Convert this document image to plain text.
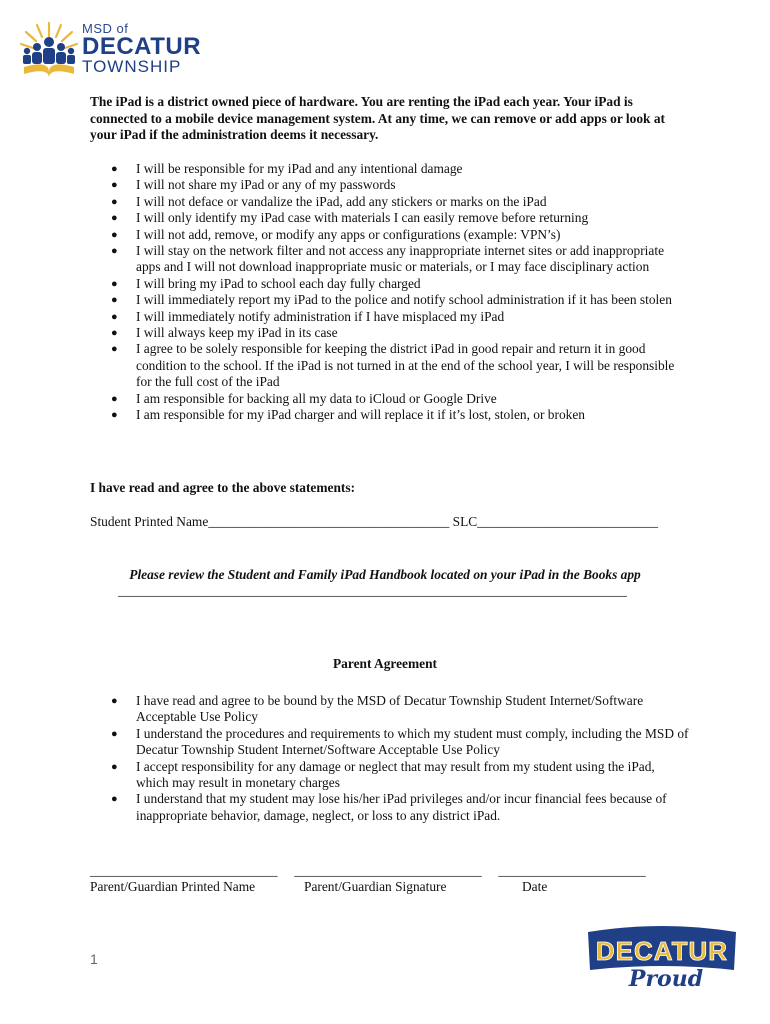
MSD of
DECATUR
TOWNSHIP
The iPad is a district owned piece of hardware. You are renting the iPad each year. Your iPad is connected to a mobile device management system. At any time, we can remove or add apps or look at your iPad if the administration deems it necessary.
● I will be responsible for my iPad and any intentional damage
● I will not share my iPad or any of my passwords
● I will not deface or vandalize the iPad, add any stickers or marks on the iPad
● I will only identify my iPad case with materials I can easily remove before returning
● I will not add, remove, or modify any apps or configurations (example: VPN’s)
● I will stay on the network filter and not access any inappropriate internet sites or add inappropriate apps and I will not download inappropriate music or materials, or I may face disciplinary action
● I will bring my iPad to school each day fully charged
● I will immediately report my iPad to the police and notify school administration if it has been stolen
● I will immediately notify administration if I have misplaced my iPad
● I will always keep my iPad in its case
● I agree to be solely responsible for keeping the district iPad in good repair and return it in good condition to the school. If the iPad is not turned in at the end of the school year, I will be responsible for the full cost of the iPad
● I am responsible for backing all my data to iCloud or Google Drive
● I am responsible for my iPad charger and will replace it if it’s lost, stolen, or broken
I have read and agree to the above statements:
Student Printed Name____________________________________ SLC___________________________
Please review the Student and Family iPad Handbook located on your iPad in the Books app
____________________________________________________________________________
Parent Agreement
● I have read and agree to be bound by the MSD of Decatur Township Student Internet/Software Acceptable Use Policy
● I understand the procedures and requirements to which my student must comply, including the MSD of Decatur Township Student Internet/Software Acceptable Use Policy
● I accept responsibility for any damage or neglect that may result from my student using the iPad, which may result in monetary charges
● I understand that my student may lose his/her iPad privileges and/or incur financial fees because of inappropriate behavior, damage, neglect, or loss to any district iPad.
____________________________     ____________________________     ______________________
Parent/Guardian Printed Name	Parent/Guardian Signature	Date
1	DECATUR
Proud
